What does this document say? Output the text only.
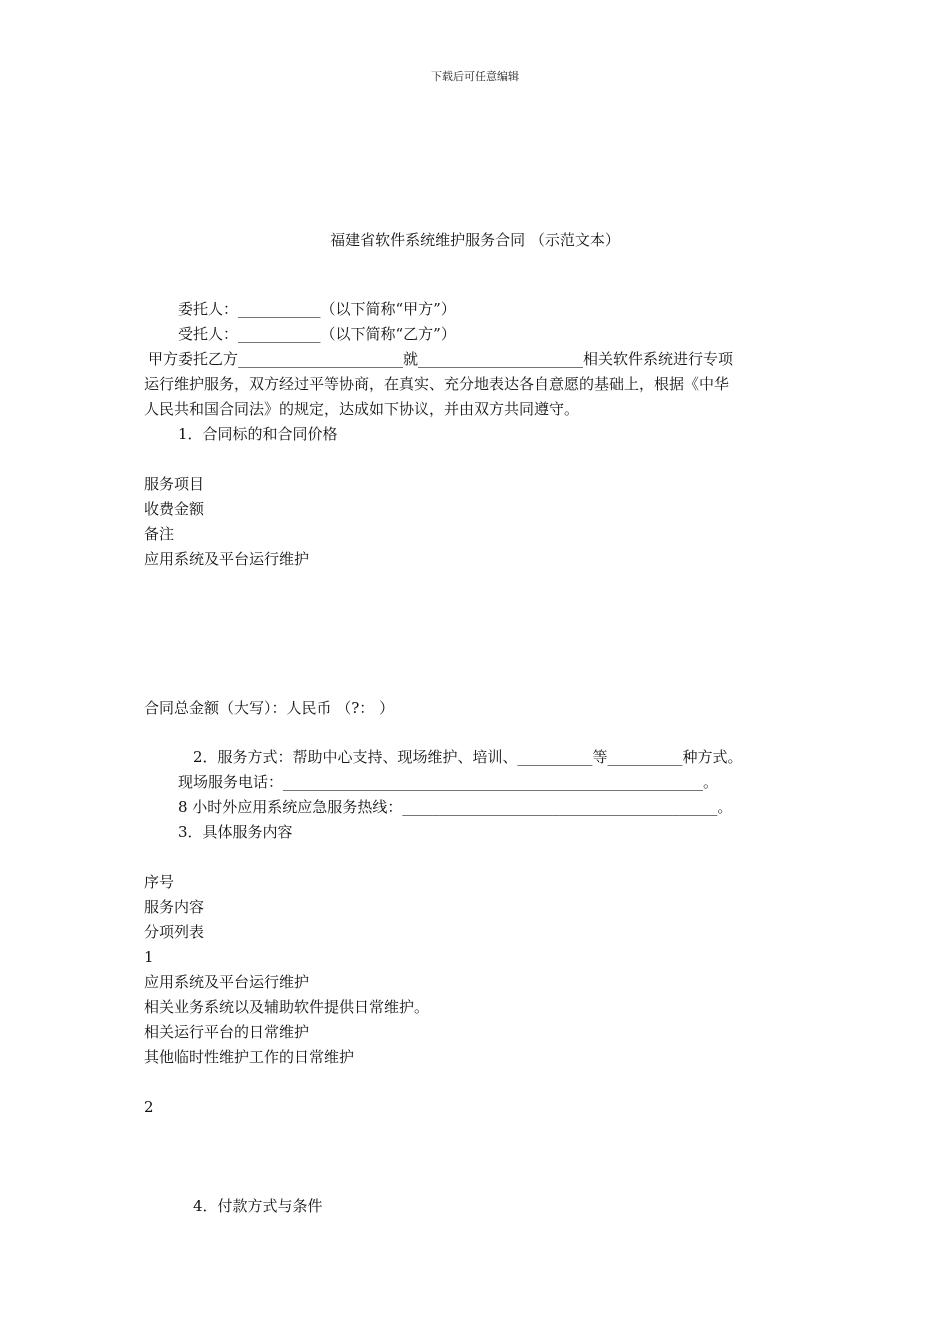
下载后可任意编辑
福建省软件系统维护服务合同 （示范文本）
委托人：___________（以下简称“甲方”）
受托人：___________（以下简称“乙方”）
甲方委托乙方______________________就______________________相关软件系统进行专项
运行维护服务，双方经过平等协商，在真实、充分地表达各自意愿的基础上，根据《中华
人民共和国合同法》的规定，达成如下协议，并由双方共同遵守。
1．合同标的和合同价格
服务项目
收费金额
备注
应用系统及平台运行维护
合同总金额（大写）：人民币 （?： ）
2．服务方式：帮助中心支持、现场维护、培训、__________等__________种方式。
现场服务电话：________________________________________________________。
8 小时外应用系统应急服务热线：__________________________________________。
3．具体服务内容
序号
服务内容
分项列表
1
应用系统及平台运行维护
相关业务系统以及辅助软件提供日常维护。
相关运行平台的日常维护
其他临时性维护工作的日常维护
2
4．付款方式与条件
